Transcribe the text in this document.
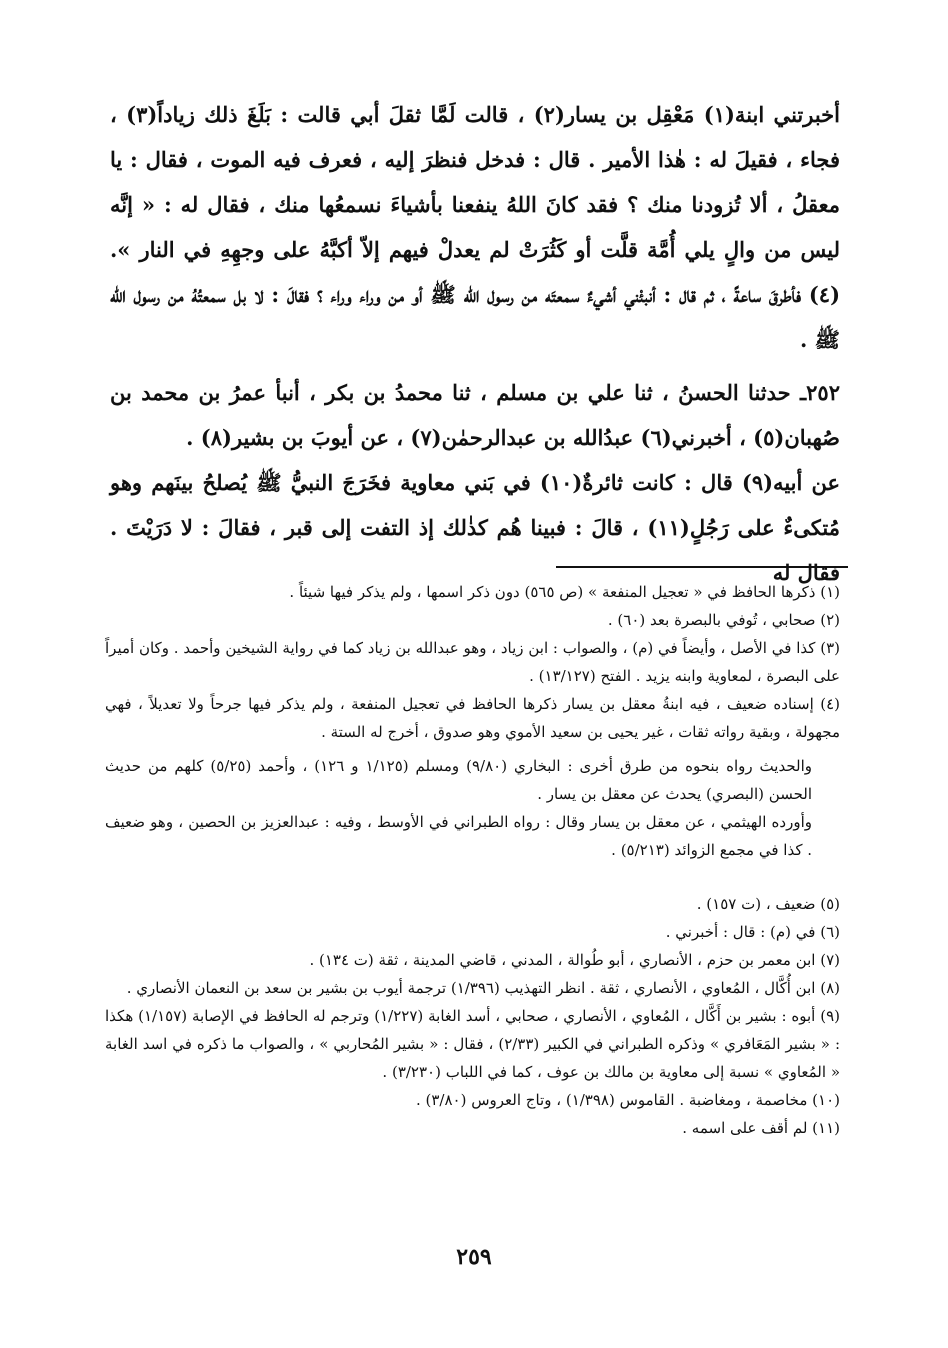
أخبرتني ابنة(١) مَعْقِل بن يسار(٢) ، قالت لَمَّا ثقلَ أبي قالت : بَلَغَ ذلك زياداً(٣) ، فجاء ، فقيلَ له : هٰذا الأمير . قال : فدخل فنظرَ إليه ، فعرف فيه الموت ، فقال : يا معقلُ ، ألا تُزودنا منك ؟ فقد كانَ اللهُ ينفعنا بأشياءَ نسمعُها منك ، فقال له : « إنَّه ليس من والٍ يلي أُمَّة قلَّت أو كَثُرَتْ لم يعدلْ فيهم إلاّ أكبَّهُ على وجهِهِ في النار ».(٤) فأطرقَ ساعةً ، ثم قال : أنبئْني أشيءٌ سمعتَه من رسول الله ﷺ أو من وراء وراء ؟ فقالَ : لا بل سمعتُهُ من رسول الله ﷺ .

٢٥٢ـ حدثنا الحسنُ ، ثنا علي بن مسلم ، ثنا محمدُ بن بكر ، أنبأ عمرُ بن محمد بن صُهبان(٥) ، أخبرني(٦) عبدُالله بن عبدالرحمٰن(٧) ، عن أيوبَ بن بشير(٨) .

عن أبيه(٩) قال : كانت ثائرةٌ(١٠) في بَني معاوية فخَرَجَ النبيُّ ﷺ يُصلحُ بينَهم وهو مُتكىءٌ على رَجُلٍ(١١) ، قالَ : فبينا هُم كذٰلك إذ التفت إلى قبر ، فقالَ : لا دَرَيْتَ . فقال له

(١) ذكرها الحافظ في « تعجيل المنفعة » (ص ٥٦٥) دون ذكر اسمها ، ولم يذكر فيها شيئاً .

(٢) صحابي ، تُوفي بالبصرة بعد (٦٠) .

(٣) كذا في الأصل ، وأيضاً في (م) ، والصواب : ابن زياد ، وهو عبدالله بن زياد كما في رواية الشيخين وأحمد . وكان أميراً على البصرة ، لمعاوية وابنه يزيد . الفتح (١٣/١٢٧) .

(٤) إسناده ضعيف ، فيه ابنةُ معقل بن يسار ذكرها الحافظ في تعجيل المنفعة ، ولم يذكر فيها جرحاً ولا تعديلاً ، فهي مجهولة ، وبقية رواته ثقات ، غير يحيى بن سعيد الأموي وهو صدوق ، أخرج له الستة .

والحديث رواه بنحوه من طرق أخرى : البخاري (٩/٨٠) ومسلم (١/١٢٥ و ١٢٦) ، وأحمد (٥/٢٥) كلهم من حديث الحسن (البصري) يحدث عن معقل بن يسار .

وأورده الهيثمي ، عن معقل بن يسار وقال : رواه الطبراني في الأوسط ، وفيه : عبدالعزيز بن الحصين ، وهو ضعيف . كذا في مجمع الزوائد (٥/٢١٣) .

(٥) ضعيف ، (ت ١٥٧) .

(٦) في (م) : قال : أخبرني .

(٧) ابن معمر بن حزم ، الأنصاري ، أبو طُوالة ، المدني ، قاضي المدينة ، ثقة (ت ١٣٤) .

(٨) ابن أُكَّال ، المُعاوي ، الأنصاري ، ثقة . انظر التهذيب (١/٣٩٦) ترجمة أيوب بن بشير بن سعد بن النعمان الأنصاري .

(٩) أبوه : بشير بن أَكَّال ، المُعاوي ، الأنصاري ، صحابي ، أسد الغابة (١/٢٢٧) وترجم له الحافظ في الإصابة (١/١٥٧) هكذا : « بشير المَعَافري » وذكره الطبراني في الكبير (٢/٣٣) ، فقال : « بشير المُحاربي » ، والصواب ما ذكره في اسد الغابة « المُعاوي » نسبة إلى معاوية بن مالك بن عوف ، كما في اللباب (٣/٢٣٠) .

(١٠) مخاصمة ، ومغاضبة . القاموس (١/٣٩٨) ، وتاج العروس (٣/٨٠) .

(١١) لم أقف على اسمه .

٢٥٩
